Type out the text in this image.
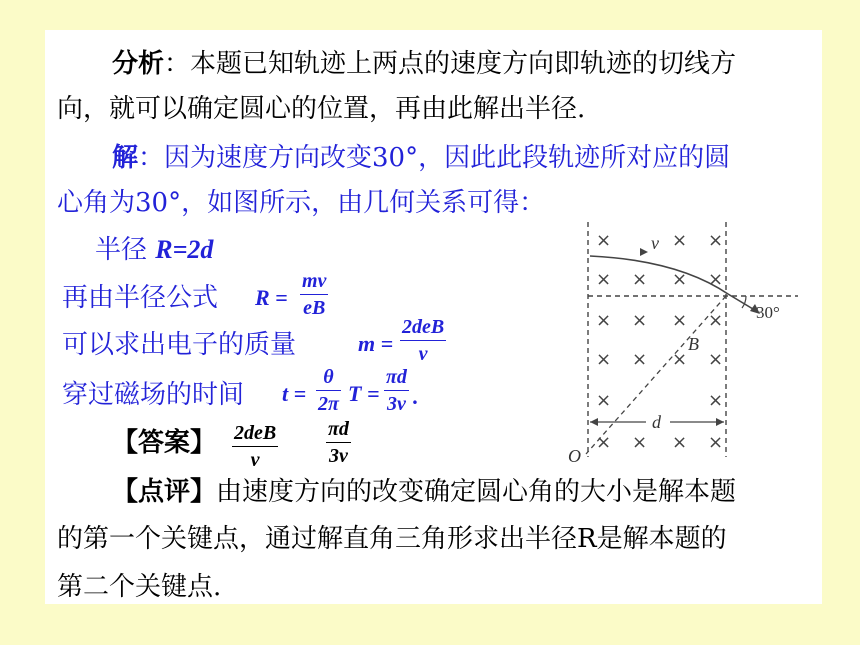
分析：本题已知轨迹上两点的速度方向即轨迹的切线方
向，就可以确定圆心的位置，再由此解出半径.
解：因为速度方向改变30°，因此此段轨迹所对应的圆
心角为30°，如图所示，由几何关系可得：
半径 R=2d
再由半径公式 R =
mv
eB
可以求出电子的质量	m =
2deB
v
穿过磁场的时间 t =
θ
2π T =
πd
3v .
【答案】 2deB
v
πd
3v
【点评】由速度方向的改变确定圆心角的大小是解本题
的第一个关键点，通过解直角三角形求出半径R是解本题的
第二个关键点.
v
30°
B
d
O
×	× ×
× × × ×
× × × ×
× × × ×
×	×
× × × ×
